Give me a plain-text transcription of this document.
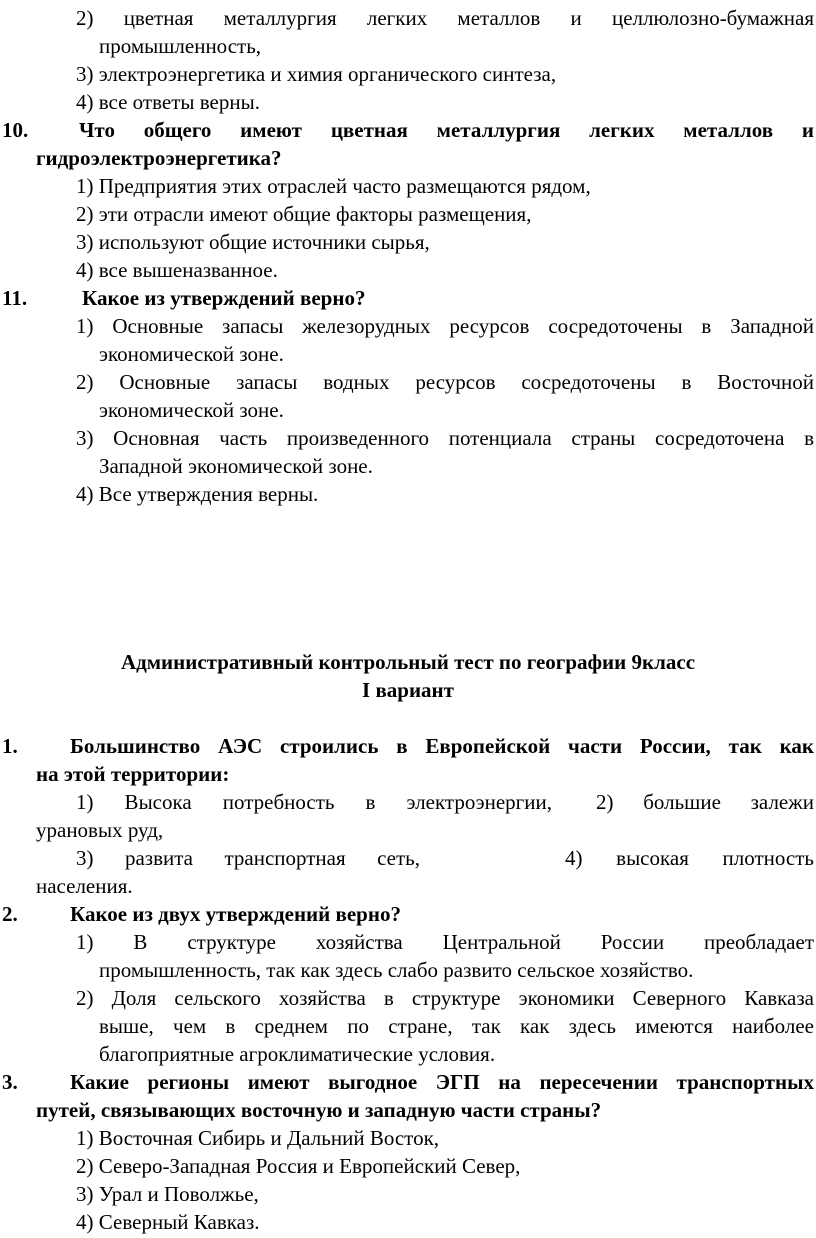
2) цветная металлургия легких металлов и целлюлозно-бумажная
промышленность,
3) электроэнергетика и химия органического синтеза,
4) все ответы верны.
10. Что общего имеют цветная металлургия легких металлов и
гидроэлектроэнергетика?
1) Предприятия этих отраслей часто размещаются рядом,
2) эти отрасли имеют общие факторы размещения,
3) используют общие источники сырья,
4) все вышеназванное.
11.	Какое из утверждений верно?
1) Основные запасы железорудных ресурсов сосредоточены в Западной
экономической зоне.
2) Основные запасы водных ресурсов сосредоточены в Восточной
экономической зоне.
3) Основная часть произведенного потенциала страны сосредоточена в
Западной экономической зоне.
4) Все утверждения верны.
Административный контрольный тест по географии 9класс
I вариант
1. Большинство АЭС строились в Европейской части России, так как
на этой территории:
1) Высока потребность в электроэнергии, 2) большие залежи
урановых руд,
3) развита транспортная сеть,	4) высокая плотность
населения.
2. Какое из двух утверждений верно?
1) В структуре хозяйства Центральной России преобладает
промышленность, так как здесь слабо развито сельское хозяйство.
2) Доля сельского хозяйства в структуре экономики Северного Кавказа
выше, чем в среднем по стране, так как здесь имеются наиболее
благоприятные агроклиматические условия.
3. Какие регионы имеют выгодное ЭГП на пересечении транспортных
путей, связывающих восточную и западную части страны?
1) Восточная Сибирь и Дальний Восток,
2) Северо-Западная Россия и Европейский Север,
3) Урал и Поволжье,
4) Северный Кавказ.
